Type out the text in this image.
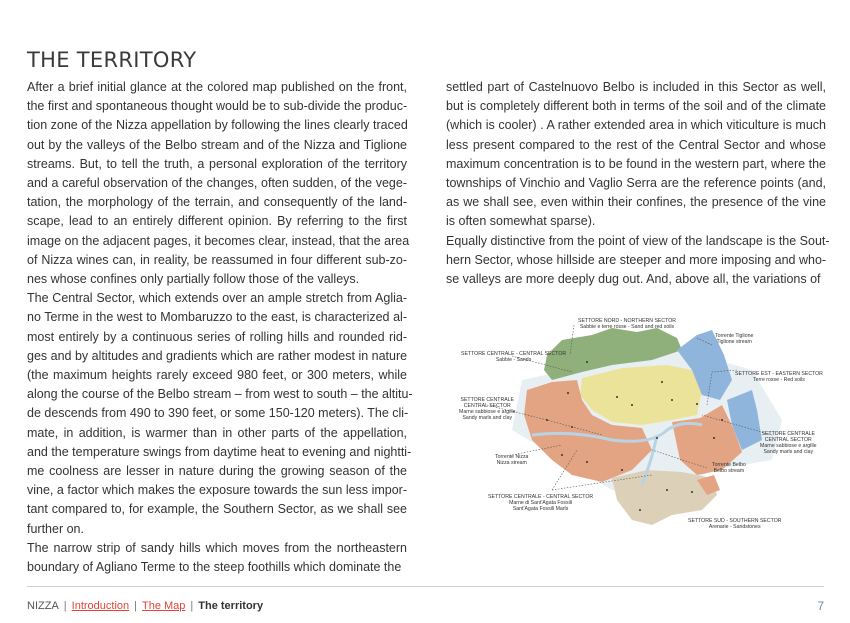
THE TERRITORY
After a brief initial glance at the colored map published on the front,
the first and spontaneous thought would be to sub-divide the produc-
tion zone of the Nizza appellation by following the lines clearly traced
out by the valleys of the Belbo stream and of the Nizza and Tiglione
streams. But, to tell the truth, a personal exploration of the territory
and a careful observation of the changes, often sudden, of the vege-
tation, the morphology of the terrain, and consequently of the land-
scape, lead to an entirely different opinion. By referring to the first
image on the adjacent pages, it becomes clear, instead, that the area
of Nizza wines can, in reality, be reassumed in four different sub-zo-
nes whose confines only partially follow those of the valleys.
The Central Sector, which extends over an ample stretch from Aglia-
no Terme in the west to Mombaruzzo to the east, is characterized al-
most entirely by a continuous series of rolling hills and rounded rid-
ges and by altitudes and gradients which are rather modest in nature
(the maximum heights rarely exceed 980 feet, or 300 meters, while
along the course of the Belbo stream – from west to south – the altitu-
de descends from 490 to 390 feet, or some 150-120 meters). The cli-
mate, in addition, is warmer than in other parts of the appellation,
and the temperature swings from daytime heat to evening and nightti-
me coolness are lesser in nature during the growing season of the
vine, a factor which makes the exposure towards the sun less impor-
tant compared to, for example, the Southern Sector, as we shall see
further on.
The narrow strip of sandy hills which moves from the northeastern
boundary of Agliano Terme to the steep foothills which dominate the
settled part of Castelnuovo Belbo is included in this Sector as well,
but is completely different both in terms of the soil and of the climate
(which is cooler) . A rather extended area in which viticulture is much
less present compared to the rest of the Central Sector and whose
maximum concentration is to be found in the western part, where the
townships of Vinchio and Vaglio Serra are the reference points (and,
as we shall see, even within their confines, the presence of the vine
is often somewhat sparse).
Equally distinctive from the point of view of the landscape is the Sout-
hern Sector, whose hillside are steeper and more imposing and who-
se valleys are more deeply dug out. And, above all, the variations of
SETTORE NORD - NORTHERN SECTOR
Sabbie e terre rosse - Sand and red soils
Torrente Tiglione
Tiglione stream
SETTORE CENTRALE - CENTRAL SECTOR
Sabbie - Sands
SETTORE EST - EASTERN SECTOR
Terre rosse - Red soils
SETTORE CENTRALE
CENTRAL SECTOR
Marne sabbiose e argille
Sandy marls and clay
SETTORE CENTRALE
CENTRAL SECTOR
Marne sabbiose e argille
Sandy marls and clay
Torrente Nizza
Nizza stream	Torrente Belbo
Belbo stream
SETTORE CENTRALE - CENTRAL SECTOR
Marne di Sant'Agata Fossili
Sant'Agata Fossili Marls
SETTORE SUD - SOUTHERN SECTOR
Arenarie - Sandstones
NIZZA | Introduction | The Map | The territory	7
